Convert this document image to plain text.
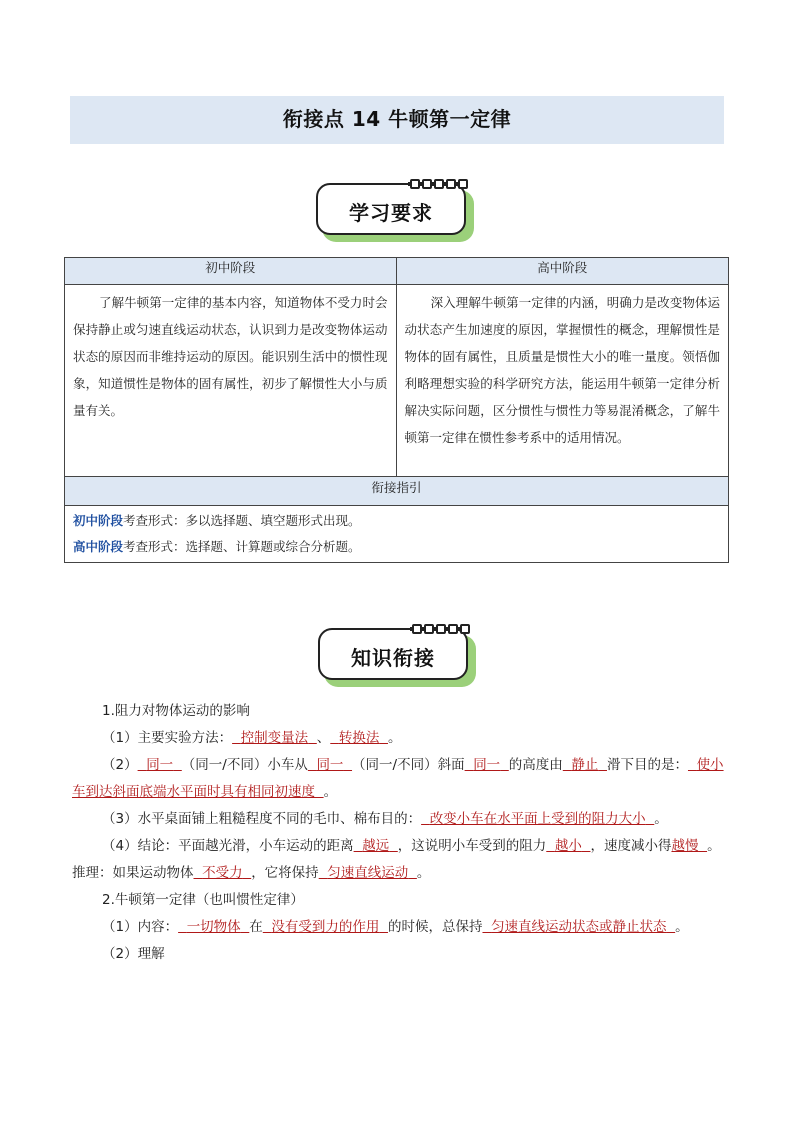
衔接点 14 牛顿第一定律
学习要求
初中阶段	高中阶段
了解牛顿第一定律的基本内容，知道物体不受力时会保持静止或匀速直线运动状态，认识到力是改变物体运动状态的原因而非维持运动的原因。能识别生活中的惯性现象，知道惯性是物体的固有属性，初步了解惯性大小与质量有关。	深入理解牛顿第一定律的内涵，明确力是改变物体运动状态产生加速度的原因，掌握惯性的概念，理解惯性是物体的固有属性，且质量是惯性大小的唯一量度。领悟伽利略理想实验的科学研究方法，能运用牛顿第一定律分析解决实际问题，区分惯性与惯性力等易混淆概念，了解牛顿第一定律在惯性参考系中的适用情况。
衔接指引	

初中阶段考查形式：多以选择题、填空题形式出现。
高中阶段考查形式：选择题、计算题或综合分析题。	
知识衔接

1.阻力对物体运动的影响

（1）主要实验方法： 控制变量法 、 转换法 。

（2） 同一 （同一/不同）小车从 同一 （同一/不同）斜面 同一 的高度由 静止 滑下目的是： 使小车到达斜面底端水平面时具有相同初速度 。

（3）水平桌面铺上粗糙程度不同的毛巾、棉布目的： 改变小车在水平面上受到的阻力大小 。

（4）结论：平面越光滑，小车运动的距离 越远 ，这说明小车受到的阻力 越小 ，速度减小得越慢 。推理：如果运动物体 不受力 ，它将保持 匀速直线运动 。

2.牛顿第一定律（也叫惯性定律）

（1）内容： 一切物体 在 没有受到力的作用 的时候，总保持 匀速直线运动状态或静止状态 。

（2）理解
